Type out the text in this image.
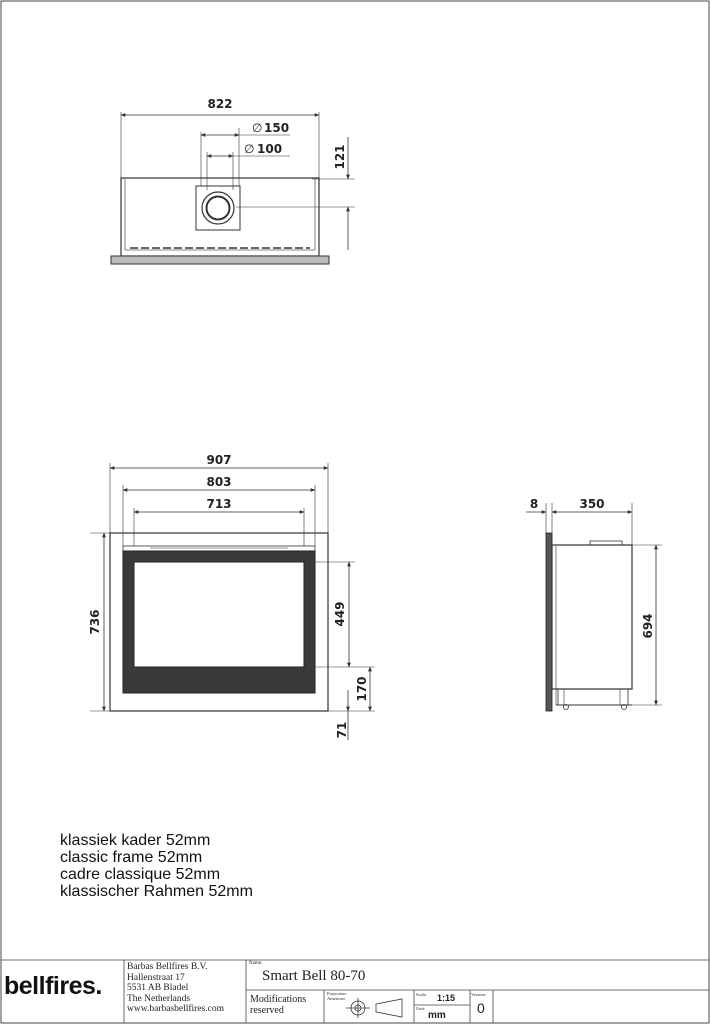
822
∅ 150
∅ 100	121
907
803
713
736	449
170
71
8	350
694
klassiek kader 52mm
classic frame 52mm
cadre classique 52mm
klassischer Rahmen 52mm
bellfires.
Barbas Bellfires B.V.
Hallenstraat 17
5531 AB Bladel
The Netherlands
www.barbasbellfires.com
Name:
Smart Bell 80-70
Modifications
reserved
Projection:
American
Scale: 1:15
Unit:
mm
Version:
0
